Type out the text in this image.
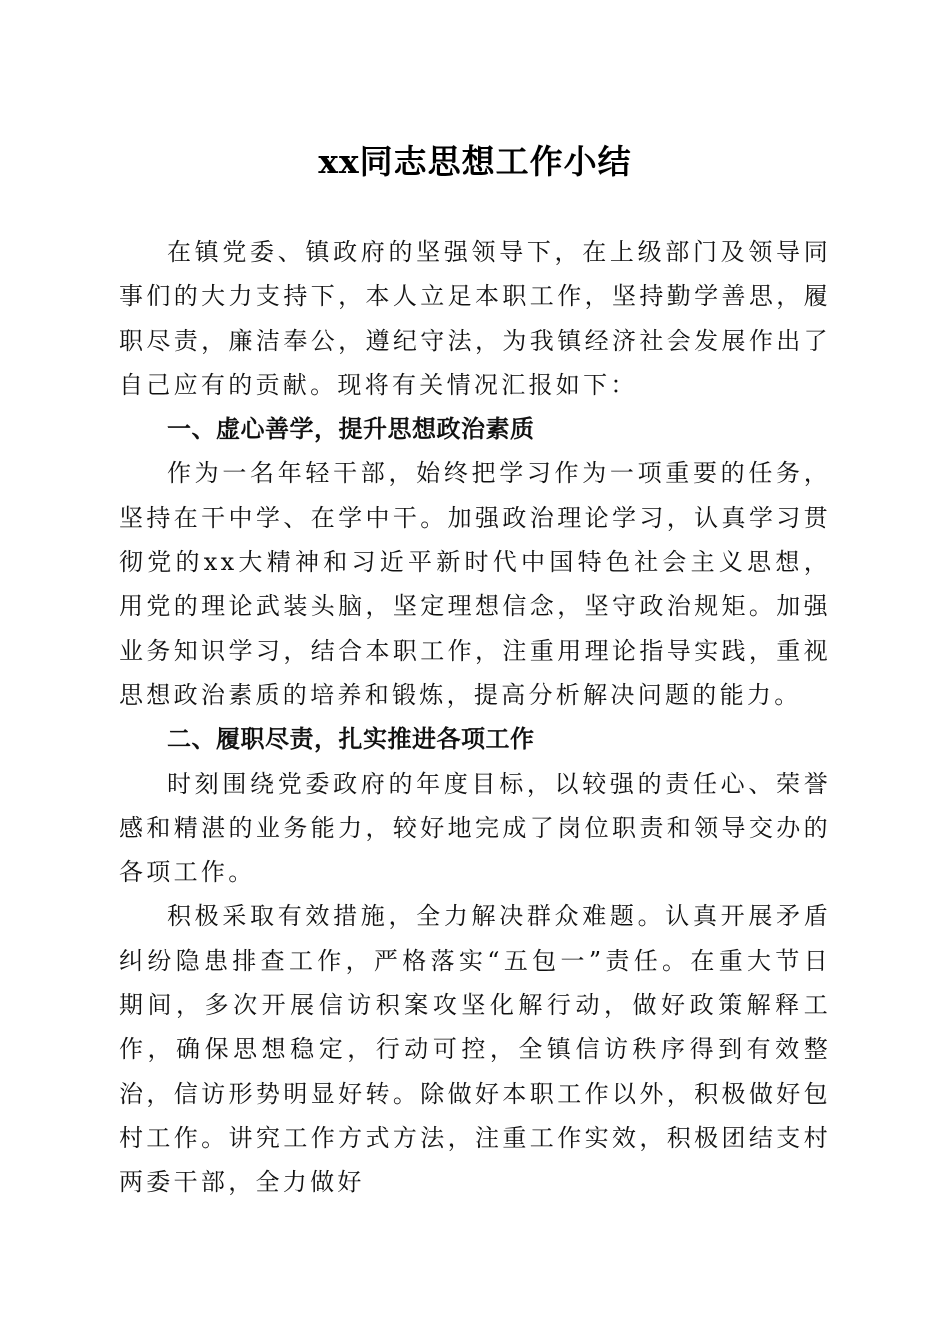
xx同志思想工作小结

在镇党委、镇政府的坚强领导下，在上级部门及领导同事们的大力支持下，本人立足本职工作，坚持勤学善思，履职尽责，廉洁奉公，遵纪守法，为我镇经济社会发展作出了自己应有的贡献。现将有关情况汇报如下：

一、虚心善学，提升思想政治素质

作为一名年轻干部，始终把学习作为一项重要的任务，坚持在干中学、在学中干。加强政治理论学习，认真学习贯彻党的xx大精神和习近平新时代中国特色社会主义思想，用党的理论武装头脑，坚定理想信念，坚守政治规矩。加强业务知识学习，结合本职工作，注重用理论指导实践，重视思想政治素质的培养和锻炼，提高分析解决问题的能力。

二、履职尽责，扎实推进各项工作

时刻围绕党委政府的年度目标，以较强的责任心、荣誉感和精湛的业务能力，较好地完成了岗位职责和领导交办的各项工作。

积极采取有效措施，全力解决群众难题。认真开展矛盾纠纷隐患排查工作，严格落实“五包一”责任。在重大节日期间，多次开展信访积案攻坚化解行动，做好政策解释工作，确保思想稳定，行动可控，全镇信访秩序得到有效整治，信访形势明显好转。除做好本职工作以外，积极做好包村工作。讲究工作方式方法，注重工作实效，积极团结支村两委干部，全力做好
